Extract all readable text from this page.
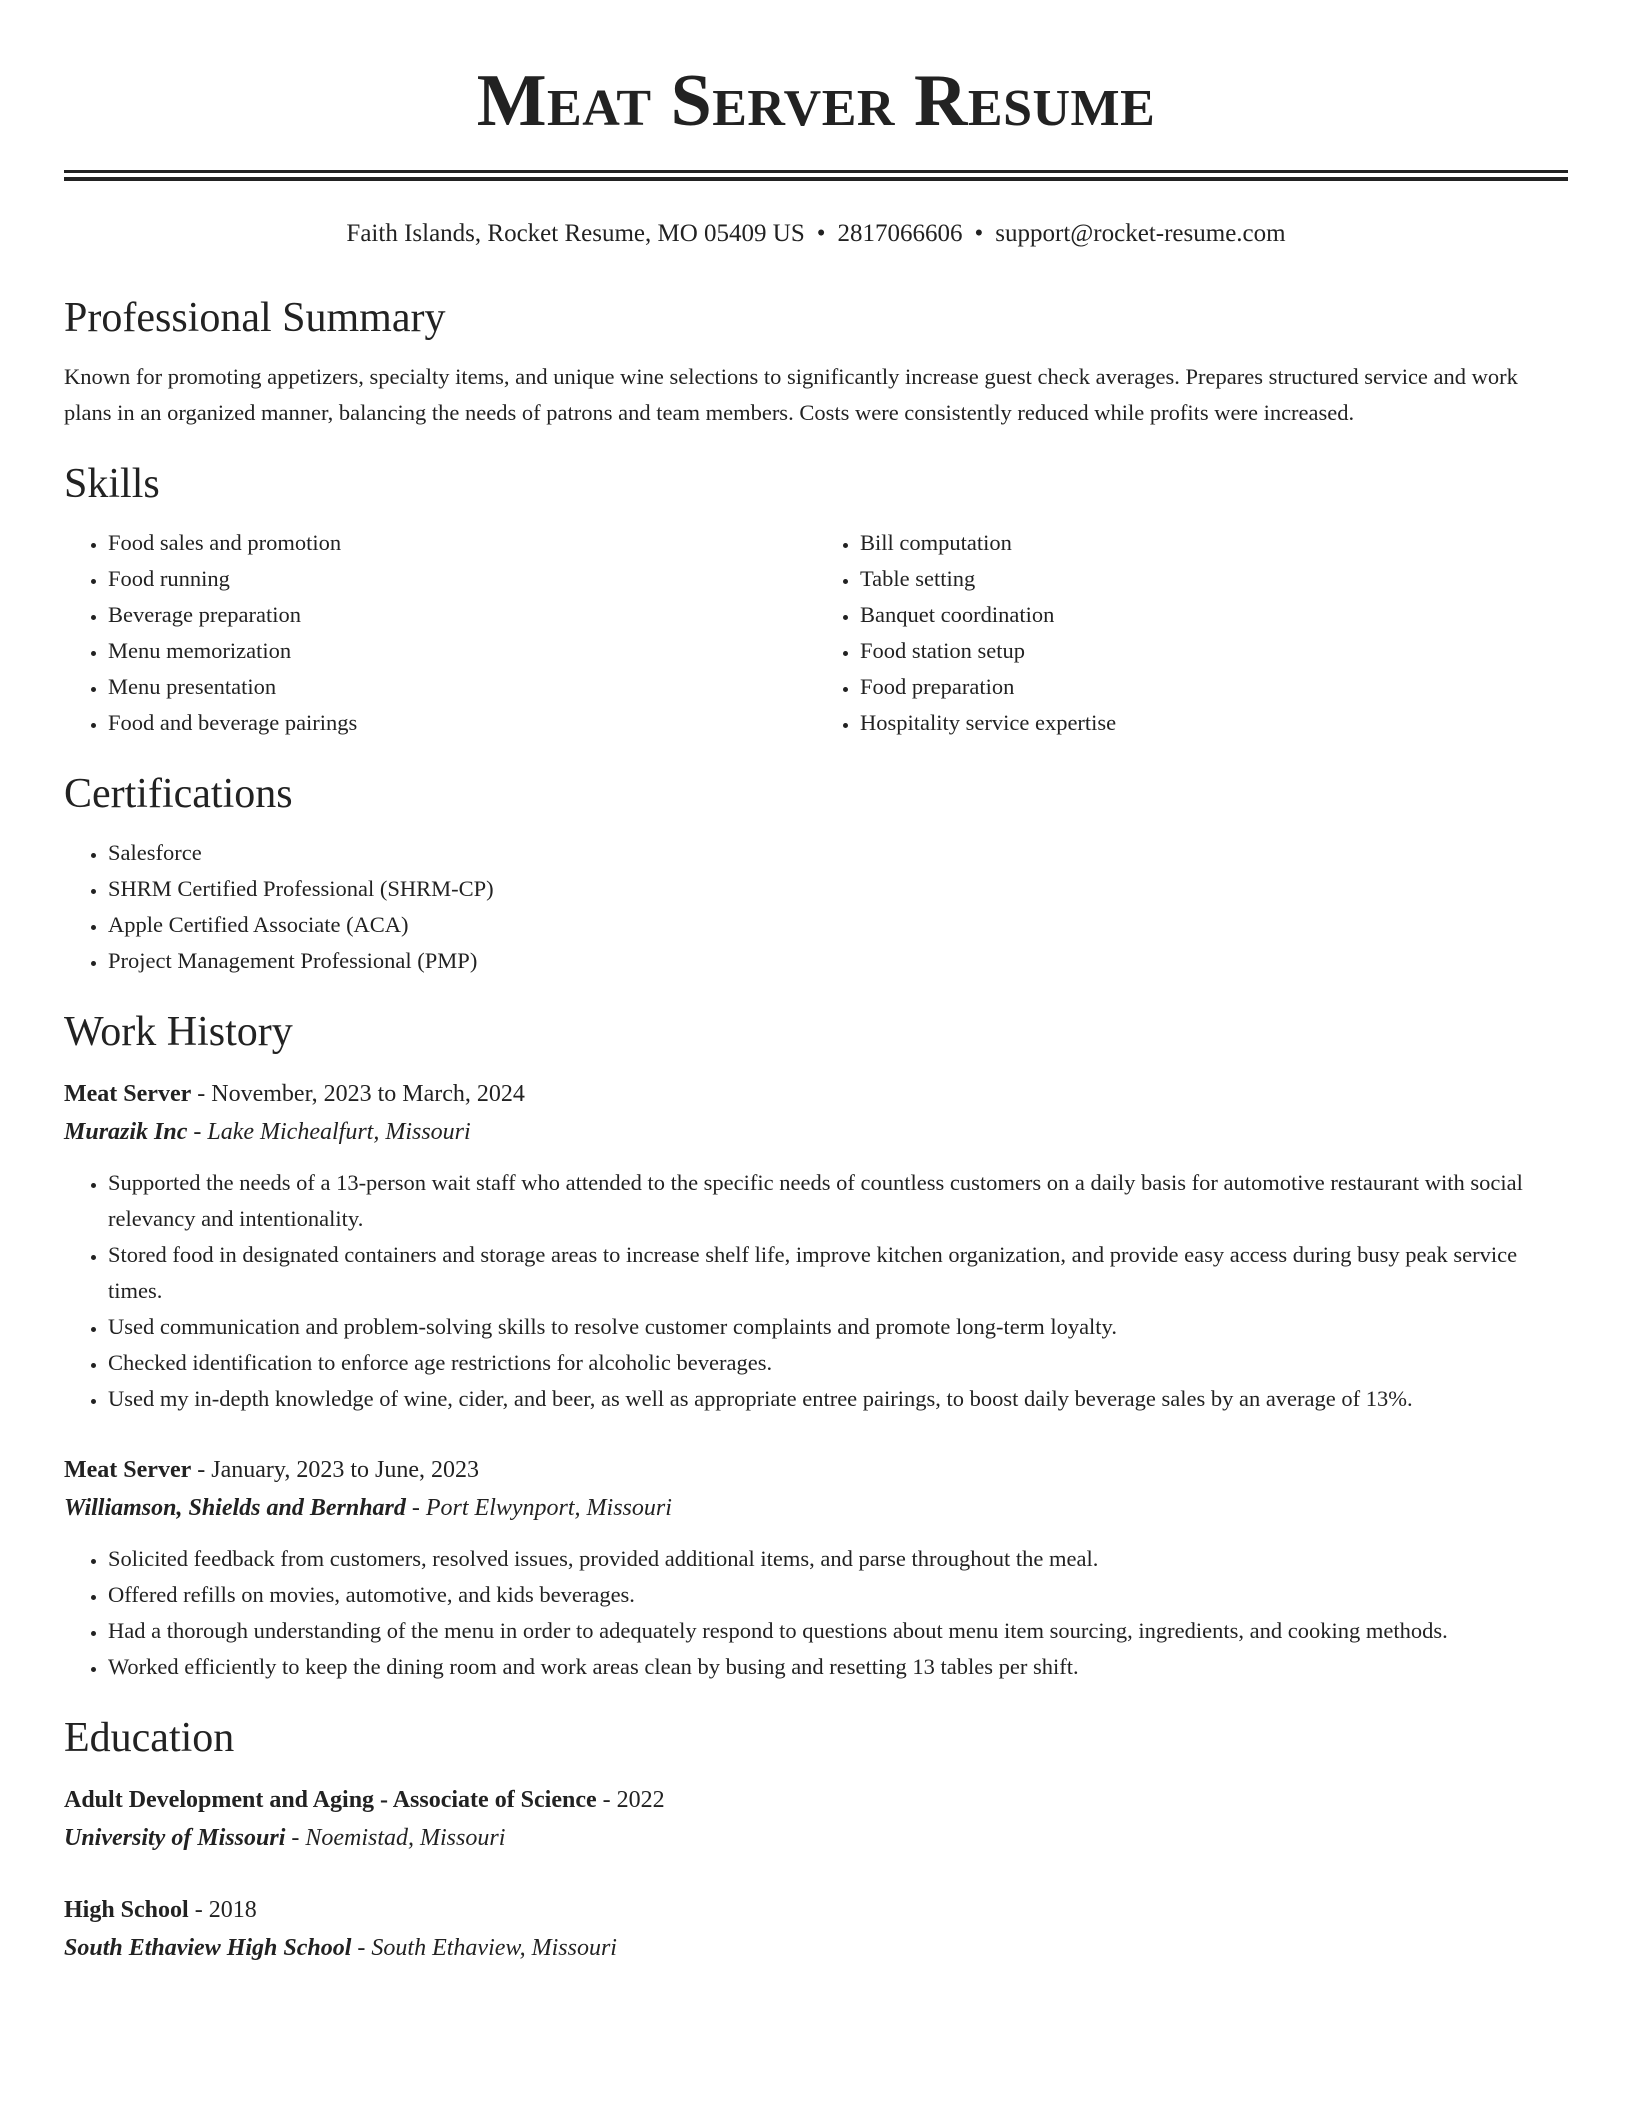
Meat Server Resume
Faith Islands, Rocket Resume, MO 05409 US • 2817066606 • support@rocket-resume.com
Professional Summary

Known for promoting appetizers, specialty items, and unique wine selections to significantly increase guest check averages. Prepares structured service and work plans in an organized manner, balancing the needs of patrons and team members. Costs were consistently reduced while profits were increased.

Skills
• Food sales and promotion
• Food running
• Beverage preparation
• Menu memorization
• Menu presentation
• Food and beverage pairings
• Bill computation
• Table setting
• Banquet coordination
• Food station setup
• Food preparation
• Hospitality service expertise
Certifications
• Salesforce
• SHRM Certified Professional (SHRM-CP)
• Apple Certified Associate (ACA)
• Project Management Professional (PMP)
Work History
Meat Server - November, 2023 to March, 2024
Murazik Inc - Lake Michealfurt, Missouri
• Supported the needs of a 13-person wait staff who attended to the specific needs of countless customers on a daily basis for automotive restaurant with social relevancy and intentionality.
• Stored food in designated containers and storage areas to increase shelf life, improve kitchen organization, and provide easy access during busy peak service times.
• Used communication and problem-solving skills to resolve customer complaints and promote long-term loyalty.
• Checked identification to enforce age restrictions for alcoholic beverages.
• Used my in-depth knowledge of wine, cider, and beer, as well as appropriate entree pairings, to boost daily beverage sales by an average of 13%.
Meat Server - January, 2023 to June, 2023
Williamson, Shields and Bernhard - Port Elwynport, Missouri
• Solicited feedback from customers, resolved issues, provided additional items, and parse throughout the meal.
• Offered refills on movies, automotive, and kids beverages.
• Had a thorough understanding of the menu in order to adequately respond to questions about menu item sourcing, ingredients, and cooking methods.
• Worked efficiently to keep the dining room and work areas clean by busing and resetting 13 tables per shift.
Education
Adult Development and Aging - Associate of Science - 2022
University of Missouri - Noemistad, Missouri
High School - 2018
South Ethaview High School - South Ethaview, Missouri
